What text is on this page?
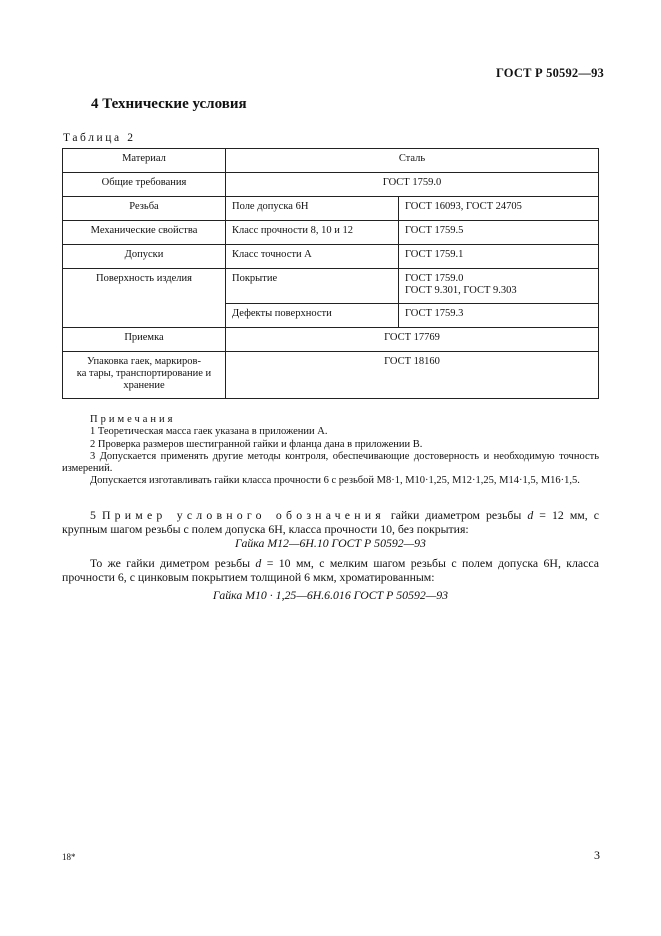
ГОСТ Р 50592—93
4 Технические условия
Таблица 2
Материал	Сталь	
Общие требования	ГОСТ 1759.0	
Резьба	Поле допуска 6Н	ГОСТ 16093, ГОСТ 24705
Механические свойства	Класс прочности 8, 10 и 12	ГОСТ 1759.5
Допуски	Класс точности А	ГОСТ 1759.1
Поверхность изделия	Покрытие	ГОСТ 1759.0
ГОСТ 9.301, ГОСТ 9.303

	Дефекты поверхности	ГОСТ 1759.3
Приемка	ГОСТ 17769	

Упаковка гаек, маркиров-
ка тары, транспортирование и
хранение	ГОСТ 18160	

Примечания

1 Теоретическая масса гаек указана в приложении А.

2 Проверка размеров шестигранной гайки и фланца дана в приложении В.

3 Допускается применять другие методы контроля, обеспечивающие достоверность и необходимую точность измерений.

Допускается изготавливать гайки класса прочности 6 с резьбой М8·1, М10·1,25, М12·1,25, М14·1,5, М16·1,5.

5 Пример условного обозначения гайки диаметром резьбы d = 12 мм, с крупным шагом резьбы с полем допуска 6Н, класса прочности 10, без покрытия:

Гайка М12—6Н.10 ГОСТ Р 50592—93

То же гайки диметром резьбы d = 10 мм, с мелким шагом резьбы с полем допуска 6Н, класса прочности 6, с цинковым покрытием толщиной 6 мкм, хроматированным:

Гайка М10 · 1,25—6Н.6.016 ГОСТ Р 50592—93

18*	3
